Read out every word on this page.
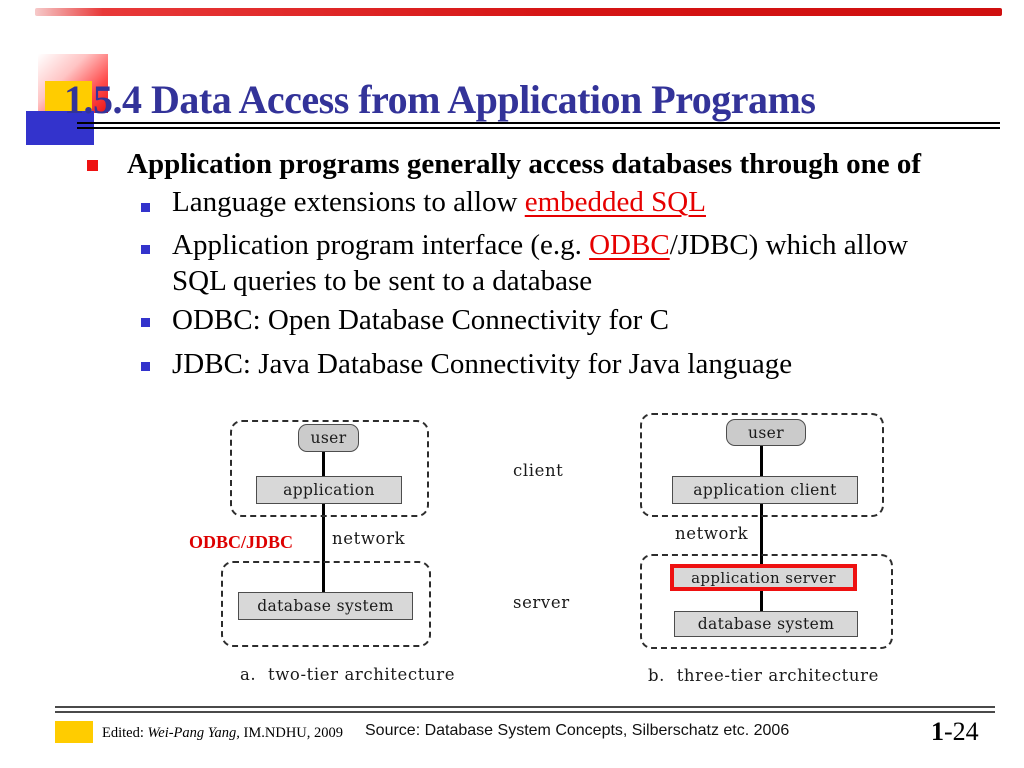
1.5.4 Data Access from Application Programs
Application programs generally access databases through one of
Language extensions to allow embedded SQL
Application program interface (e.g. ODBC/JDBC) which allow
SQL queries to be sent to a database
ODBC: Open Database Connectivity for C
JDBC: Java Database Connectivity for Java language
user
application
ODBC/JDBC network
database system
a.  two-tier architecture
client
server
user
application client
network
application server
database system
b.  three-tier architecture
Edited: Wei-Pang Yang, IM.NDHU, 2009 Source: Database System Concepts, Silberschatz etc. 2006	1-24
